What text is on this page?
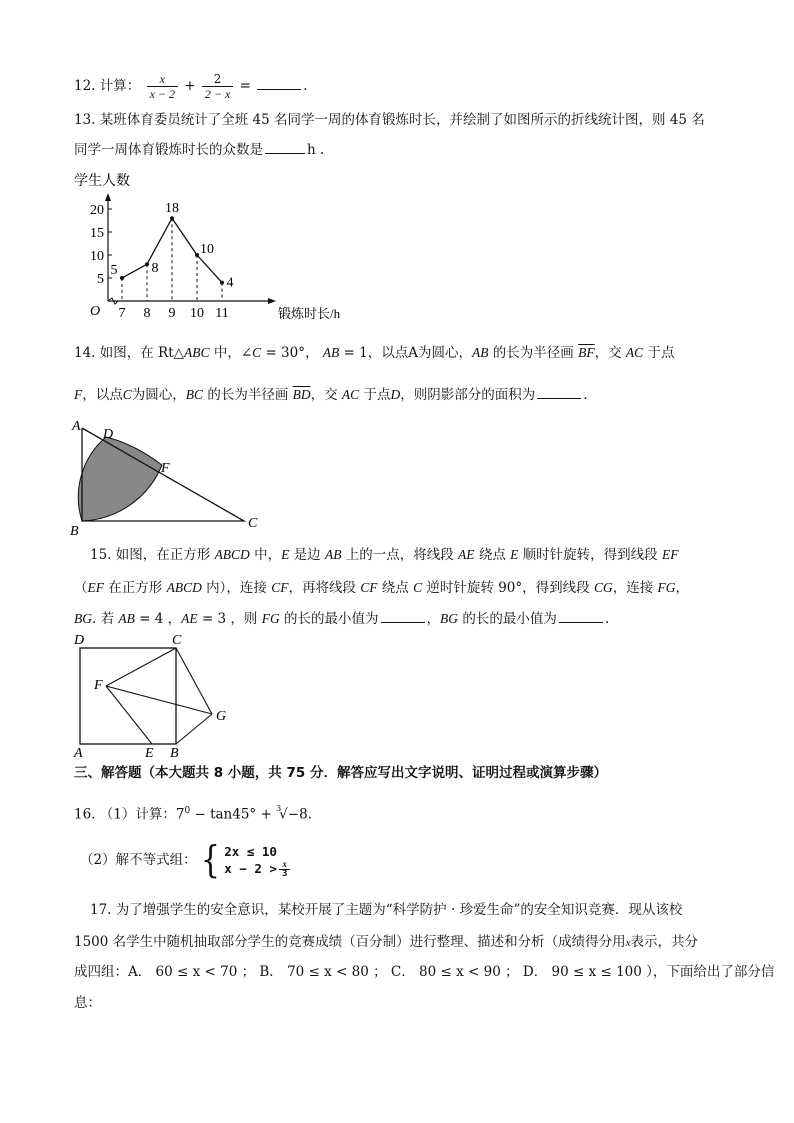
12. 计算： $\frac{x}{x - 2} + \frac{2}{2 - x}$ =	.
13. 某班体育委员统计了全班 45 名同学一周的体育锻炼时长，并绘制了如图所示的折线统计图，则 45 名
同学一周体育锻炼时长的众数是	h .
学生人数
锻炼时长/h
O
5
10
15
20
7 8 9 10 11
5 8
18
10
4
14. 如图，在 Rt△ABC 中，∠C = 30°， AB = 1，以点A为圆心，AB 的长为半径画 $\overline{BF}$，交 AC 于点
F，以点C为圆心，BC 的长为半径画 $\overline{BD}$，交 AC 于点D，则阴影部分的面积为	.
A
D
F
B
C
15. 如图，在正方形 ABCD 中，E 是边 AB 上的一点，将线段 AE 绕点 E 顺时针旋转，得到线段 EF
（EF 在正方形 ABCD 内），连接 CF，再将线段 CF 绕点 C 逆时针旋转 90°，得到线段 CG，连接 FG，
BG. 若 AB = 4 ，AE = 3 ，则 FG 的长的最小值为	，BG 的长的最小值为	.
D	C
F
G
A	E B
三、解答题（本大题共 8 小题，共 75 分．解答应写出文字说明、证明过程或演算步骤）
16. （1）计算：$7^0 - \tan 45^\circ + ^3√-8$.
（2）解不等式组： { 2x ≤ 10
$x - 2 > \frac{x}{3}$
17. 为了增强学生的安全意识，某校开展了主题为“科学防护 · 珍爱生命”的安全知识竞赛．现从该校
1500 名学生中随机抽取部分学生的竞赛成绩（百分制）进行整理、描述和分析（成绩得分用x表示，共分
成四组：A． 60 ≤ x < 70 ； B． 70 ≤ x < 80 ； C． 80 ≤ x < 90 ； D． 90 ≤ x ≤ 100 ），下面给出了部分信
息：
